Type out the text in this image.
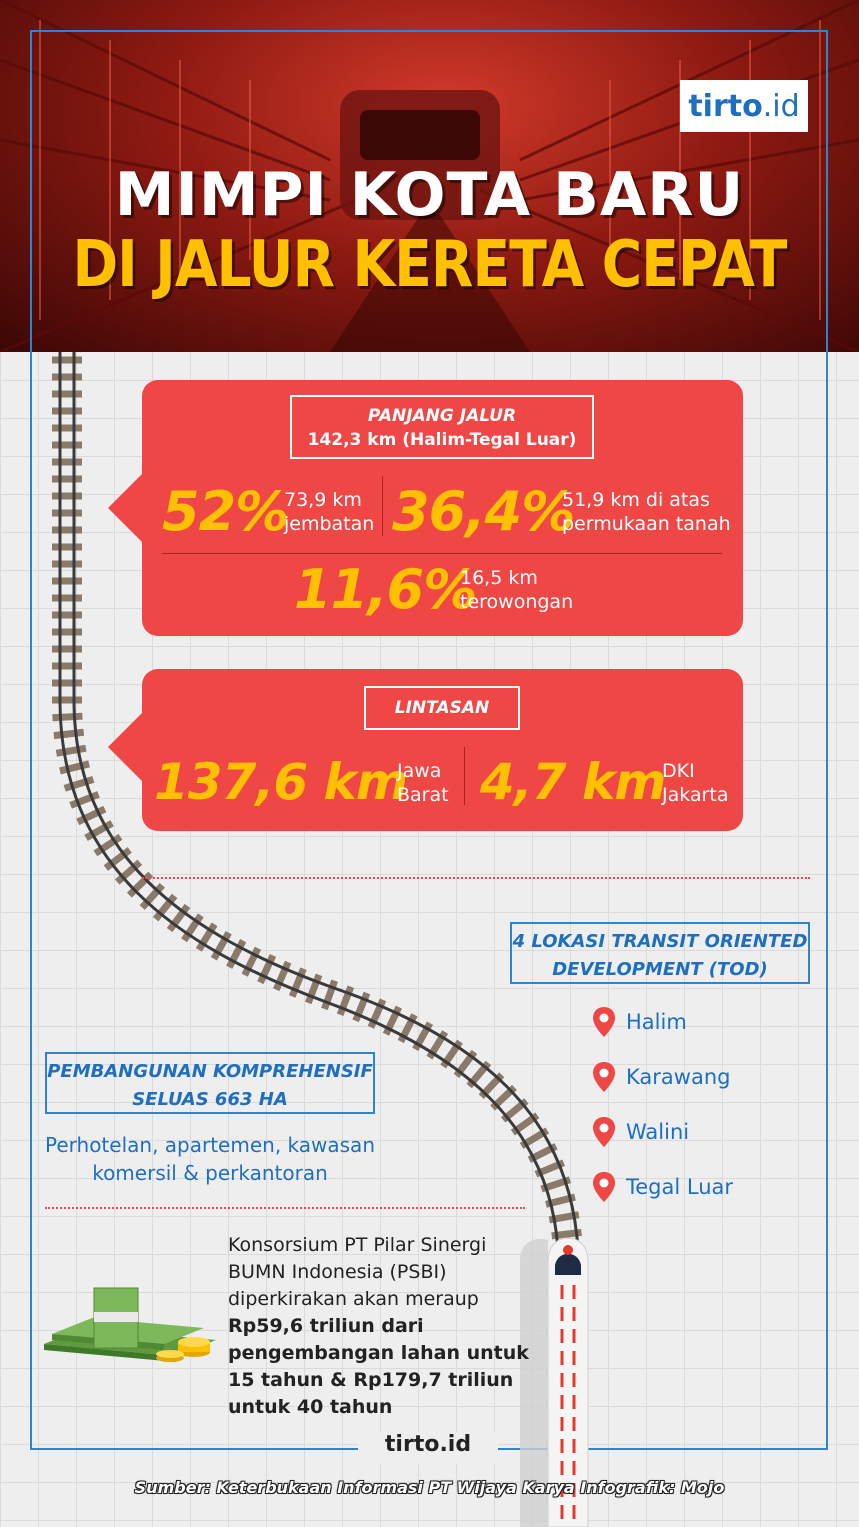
tirto .id
MIMPI KOTA BARU
DI JALUR KERETA CEPAT
PANJANG JALUR
142,3 km (Halim-Tegal Luar)
52%
73,9 km
jembatan 36,4%
51,9 km di atas
permukaan tanah
11,6%
16,5 km
terowongan
LINTASAN
137,6 km
Jawa
Barat 4,7 km
DKI
Jakarta
4 LOKASI TRANSIT ORIENTED
DEVELOPMENT (TOD)
Halim
Karawang
Walini
Tegal Luar
PEMBANGUNAN KOMPREHENSIF
SELUAS 663 HA
Perhotelan, apartemen, kawasan
komersil & perkantoran
Konsorsium PT Pilar Sinergi
BUMN Indonesia (PSBI)
diperkirakan akan meraup
Rp59,6 triliun dari
pengembangan lahan untuk
15 tahun & Rp179,7 triliun
untuk 40 tahun
tirto.id
Sumber: Keterbukaan Informasi PT Wijaya Karya Infografik: Mojo
